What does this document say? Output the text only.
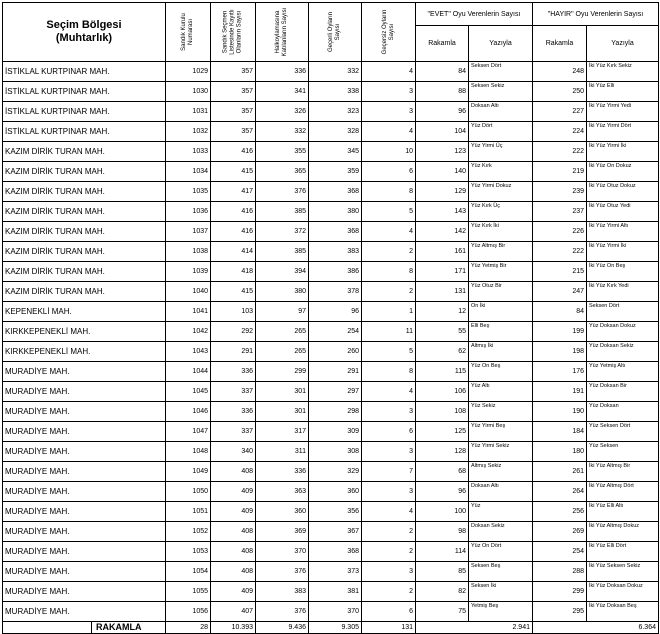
Seçim Bölgesi
(Muhtarlık)	Sandık Kurulu Numarası	Sandık Seçmen Listesinde Kayıtlı Olanların Sayısı	Halkoylamasına Katılanların Sayısı	Geçerli Oyların Sayısı	Geçersiz Oyların Sayısı	"EVET" Oyu Verenlerin Sayısı		"HAYIR" Oyu Verenlerin Sayısı	
						Rakamla	Yazıyla	Rakamla	Yazıyla
İSTİKLAL KURTPINAR MAH.	1029	357	336	332	4	84	Seksen Dört	248	İki Yüz Kırk Sekiz
İSTİKLAL KURTPINAR MAH.	1030	357	341	338	3	88	Seksen Sekiz	250	İki Yüz Elli
İSTİKLAL KURTPINAR MAH.	1031	357	326	323	3	96	Doksan Altı	227	İki Yüz Yirmi Yedi
İSTİKLAL KURTPINAR MAH.	1032	357	332	328	4	104	Yüz Dört	224	İki Yüz Yirmi Dört
KAZIM DİRİK TURAN MAH.	1033	416	355	345	10	123	Yüz Yirmi Üç	222	İki Yüz Yirmi İki
KAZIM DİRİK TURAN MAH.	1034	415	365	359	6	140	Yüz Kırk	219	İki Yüz On Dokuz
KAZIM DİRİK TURAN MAH.	1035	417	376	368	8	129	Yüz Yirmi Dokuz	239	İki Yüz Otuz Dokuz
KAZIM DİRİK TURAN MAH.	1036	416	385	380	5	143	Yüz Kırk Üç	237	İki Yüz Otuz Yedi
KAZIM DİRİK TURAN MAH.	1037	416	372	368	4	142	Yüz Kırk İki	226	İki Yüz Yirmi Altı
KAZIM DİRİK TURAN MAH.	1038	414	385	383	2	161	Yüz Altmış Bir	222	İki Yüz Yirmi İki
KAZIM DİRİK TURAN MAH.	1039	418	394	386	8	171	Yüz Yetmiş Bir	215	İki Yüz On Beş
KAZIM DİRİK TURAN MAH.	1040	415	380	378	2	131	Yüz Otuz Bir	247	İki Yüz Kırk Yedi
KEPENEKLİ MAH.	1041	103	97	96	1	12	On İki	84	Seksen Dört
KIRKKEPENEKLİ MAH.	1042	292	265	254	11	55	Elli Beş	199	Yüz Doksan Dokuz
KIRKKEPENEKLİ MAH.	1043	291	265	260	5	62	Altmış İki	198	Yüz Doksan Sekiz
MURADİYE MAH.	1044	336	299	291	8	115	Yüz On Beş	176	Yüz Yetmiş Altı
MURADİYE MAH.	1045	337	301	297	4	106	Yüz Altı	191	Yüz Doksan Bir
MURADİYE MAH.	1046	336	301	298	3	108	Yüz Sekiz	190	Yüz Doksan
MURADİYE MAH.	1047	337	317	309	6	125	Yüz Yirmi Beş	184	Yüz Seksen Dört
MURADİYE MAH.	1048	340	311	308	3	128	Yüz Yirmi Sekiz	180	Yüz Seksen
MURADİYE MAH.	1049	408	336	329	7	68	Altmış Sekiz	261	İki Yüz Altmış Bir
MURADİYE MAH.	1050	409	363	360	3	96	Doksan Altı	264	İki Yüz Altmış Dört
MURADİYE MAH.	1051	409	360	356	4	100	Yüz	256	İki Yüz Elli Altı
MURADİYE MAH.	1052	408	369	367	2	98	Doksan Sekiz	269	İki Yüz Altmış Dokuz
MURADİYE MAH.	1053	408	370	368	2	114	Yüz On Dört	254	İki Yüz Elli Dört
MURADİYE MAH.	1054	408	376	373	3	85	Seksen Beş	288	İki Yüz Seksen Sekiz
MURADİYE MAH.	1055	409	383	381	2	82	Seksen İki	299	İki Yüz Doksan Dokuz
MURADİYE MAH.	1056	407	376	370	6	75	Yetmiş Beş	295	İki Yüz Doksan Beş

RAKAMLA	28	10.393	9.436	9.305	131	2.941		6.364	
